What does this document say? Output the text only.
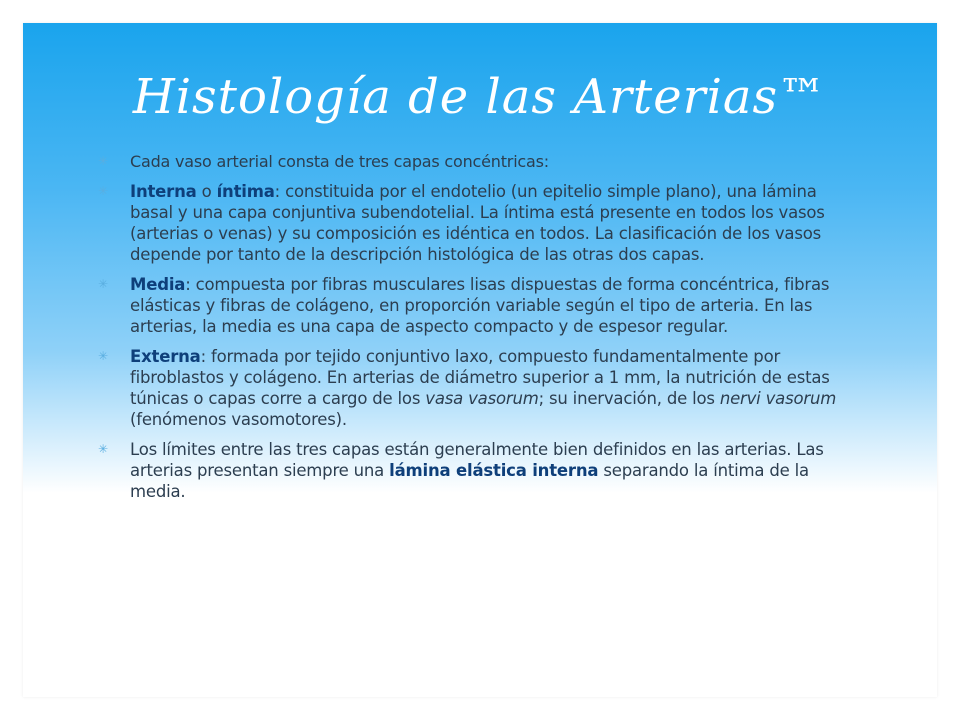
Histología de las Arterias™
✳	Cada vaso arterial consta de tres capas concéntricas:
✳	Interna o íntima: constituida por el endotelio (un epitelio simple plano), una lámina basal y una capa conjuntiva subendotelial. La íntima está presente en todos los vasos (arterias o venas) y su composición es idéntica en todos. La clasificación de los vasos depende por tanto de la descripción histológica de las otras dos capas.
✳	Media: compuesta por fibras musculares lisas dispuestas de forma concéntrica, fibras elásticas y fibras de colágeno, en proporción variable según el tipo de arteria. En las arterias, la media es una capa de aspecto compacto y de espesor regular.
✳	Externa: formada por tejido conjuntivo laxo, compuesto fundamentalmente por fibroblastos y colágeno. En arterias de diámetro superior a 1 mm, la nutrición de estas túnicas o capas corre a cargo de los vasa vasorum; su inervación, de los nervi vasorum (fenómenos vasomotores).
✳	Los límites entre las tres capas están generalmente bien definidos en las arterias. Las arterias presentan siempre una lámina elástica interna separando la íntima de la media.
